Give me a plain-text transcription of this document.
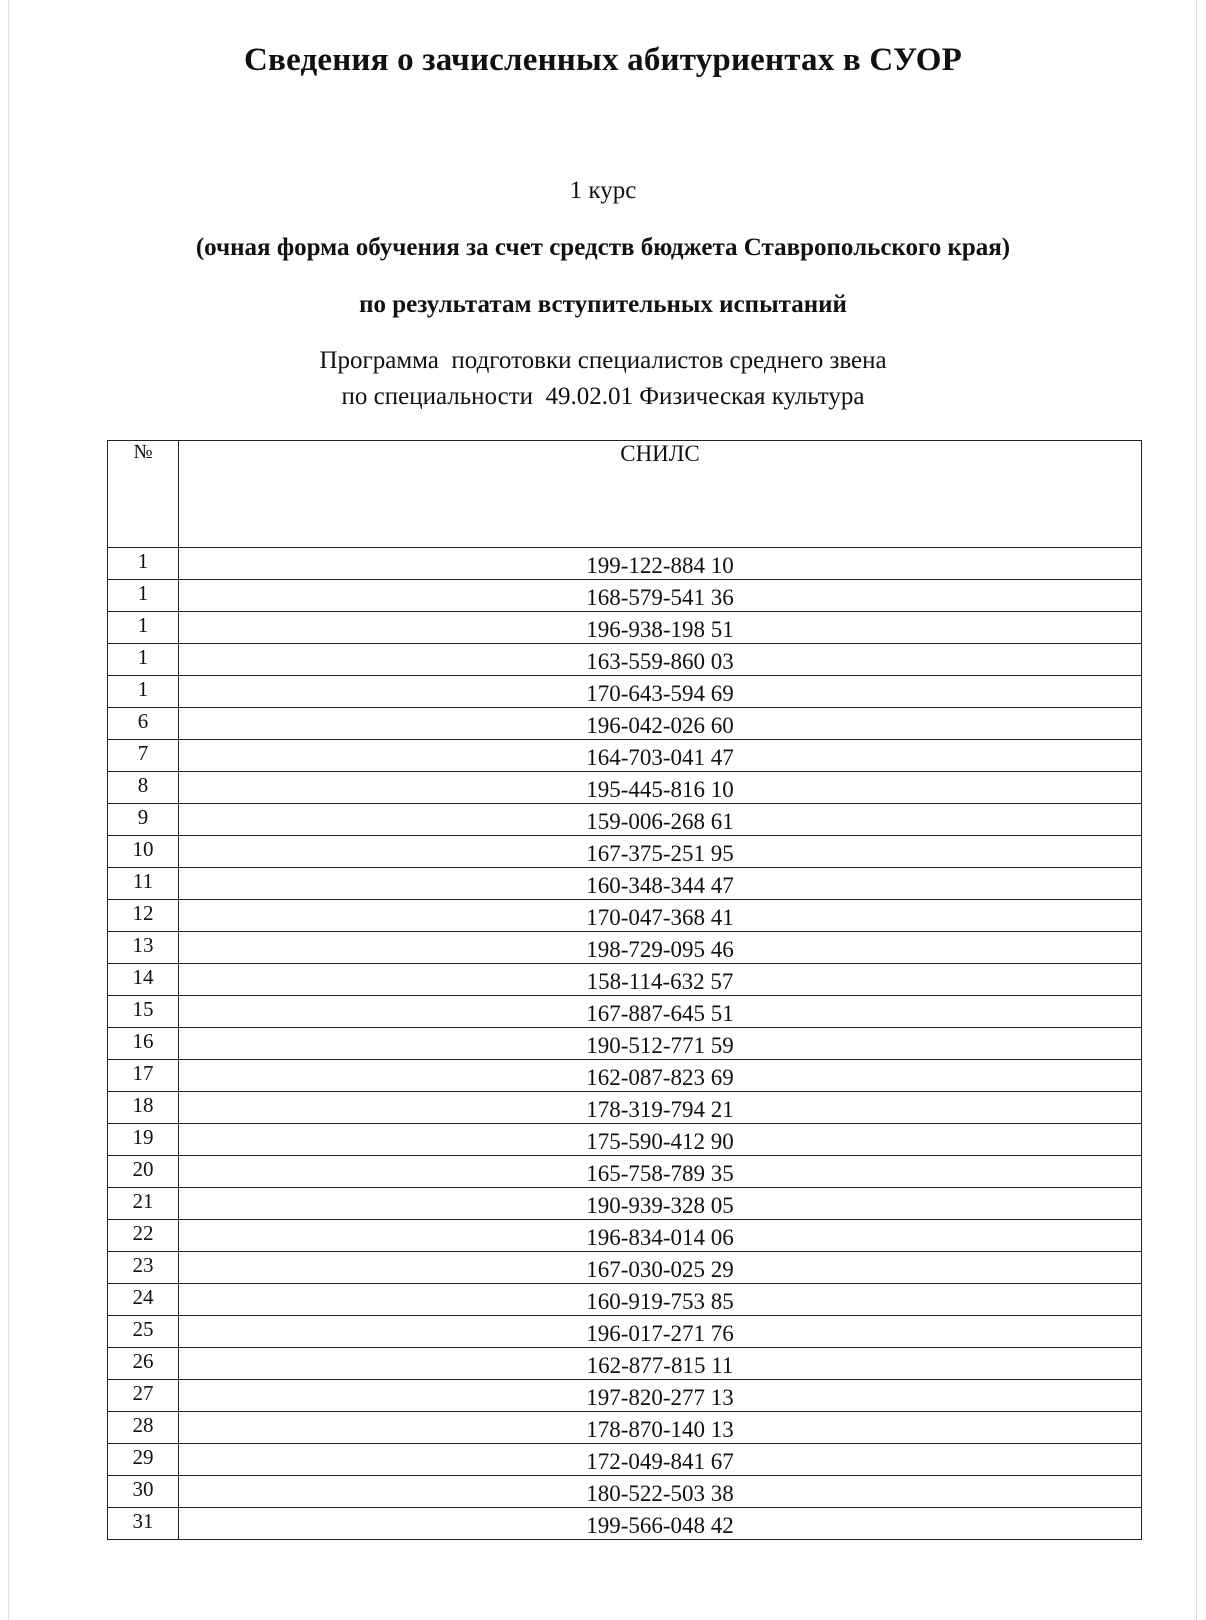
Сведения о зачисленных абитуриентах в СУОР
1 курс
(очная форма обучения за счет средств бюджета Ставропольского края)
по результатам вступительных испытаний
Программа  подготовки специалистов среднего звена
по специальности  49.02.01 Физическая культура
№	СНИЛС
1	199-122-884 10
1	168-579-541 36
1	196-938-198 51
1	163-559-860 03
1	170-643-594 69
6	196-042-026 60
7	164-703-041 47
8	195-445-816 10
9	159-006-268 61
10	167-375-251 95
11	160-348-344 47
12	170-047-368 41
13	198-729-095 46
14	158-114-632 57
15	167-887-645 51
16	190-512-771 59
17	162-087-823 69
18	178-319-794 21
19	175-590-412 90
20	165-758-789 35
21	190-939-328 05
22	196-834-014 06
23	167-030-025 29
24	160-919-753 85
25	196-017-271 76
26	162-877-815 11
27	197-820-277 13
28	178-870-140 13
29	172-049-841 67
30	180-522-503 38
31	199-566-048 42
